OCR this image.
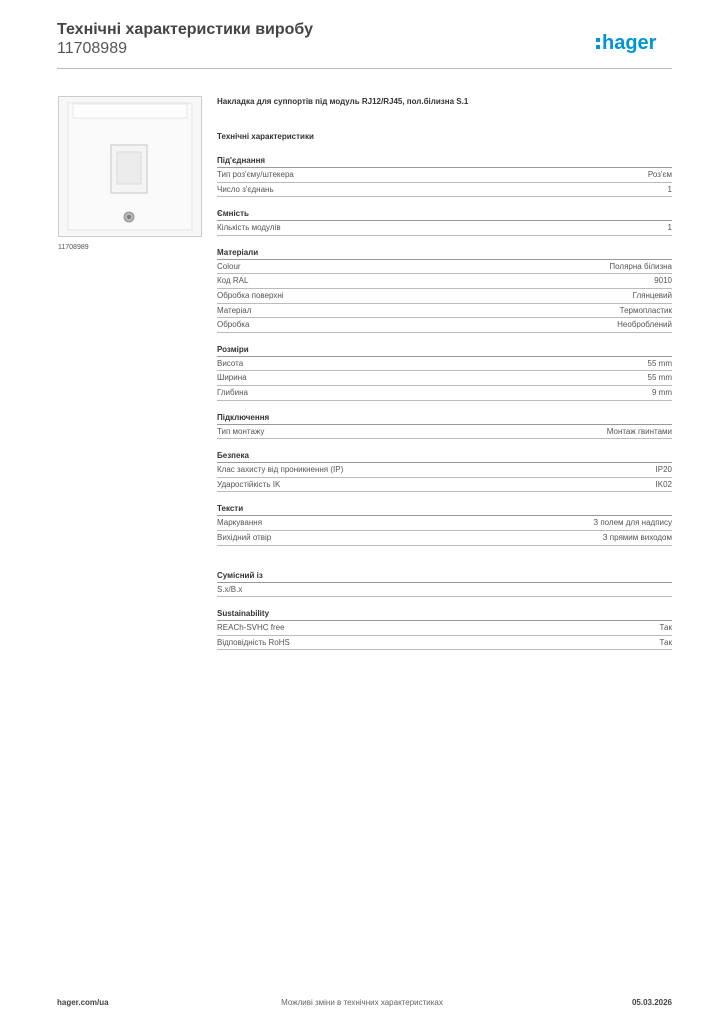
Технічні характеристики виробу
11708989	hager
11708989
Накладка для суппортів під модуль RJ12/RJ45, пол.білизна S.1
Технічні характеристики
Під'єднання
Тип роз'єму/штекера	Роз'єм
Число з'єднань	1
Ємність
Кількість модулів	1
Матеріали
Colour	Полярна білизна
Код RAL	9010
Обробка поверхні	Глянцевий
Матеріал	Термопластик
Обробка	Необроблений
Розміри
Висота	55 mm
Ширина	55 mm
Глибина	9 mm
Підключення
Тип монтажу	Монтаж гвинтами
Безпека
Клас захисту від проникнення (IP)	IP20
Ударостійкість IK	IK02
Тексти
Маркування	З полем для надпису
Вихідний отвір	З прямим виходом
Сумісний із
S.x/B.x
Sustainability
REACh-SVHC free	Так
Відповідність RoHS	Так
hager.com/ua	Можливі зміни в технічних характеристиках	05.03.2026
